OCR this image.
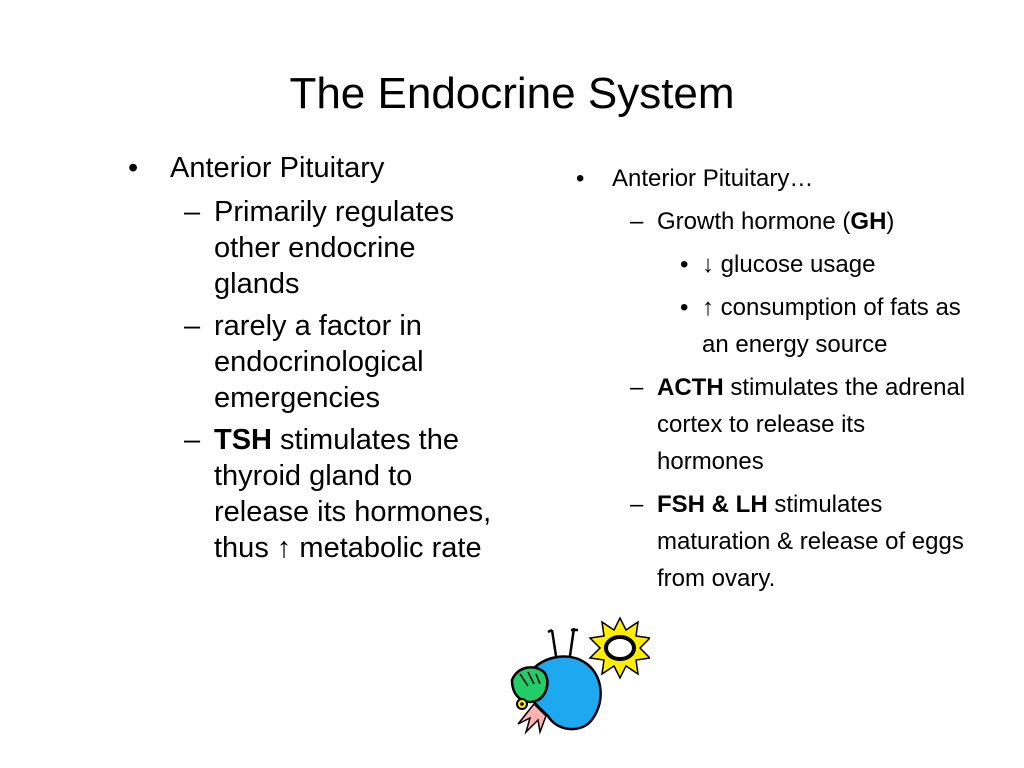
The Endocrine System
• Anterior Pituitary
– Primarily regulates other endocrine glands
– rarely a factor in endocrinological emergencies
– TSH stimulates the thyroid gland to release its hormones, thus ↑ metabolic rate
• Anterior Pituitary…
– Growth hormone (GH)
• ↓ glucose usage
• ↑ consumption of fats as an energy source
– ACTH stimulates the adrenal cortex to release its hormones
– FSH & LH stimulates maturation & release of eggs from ovary.
